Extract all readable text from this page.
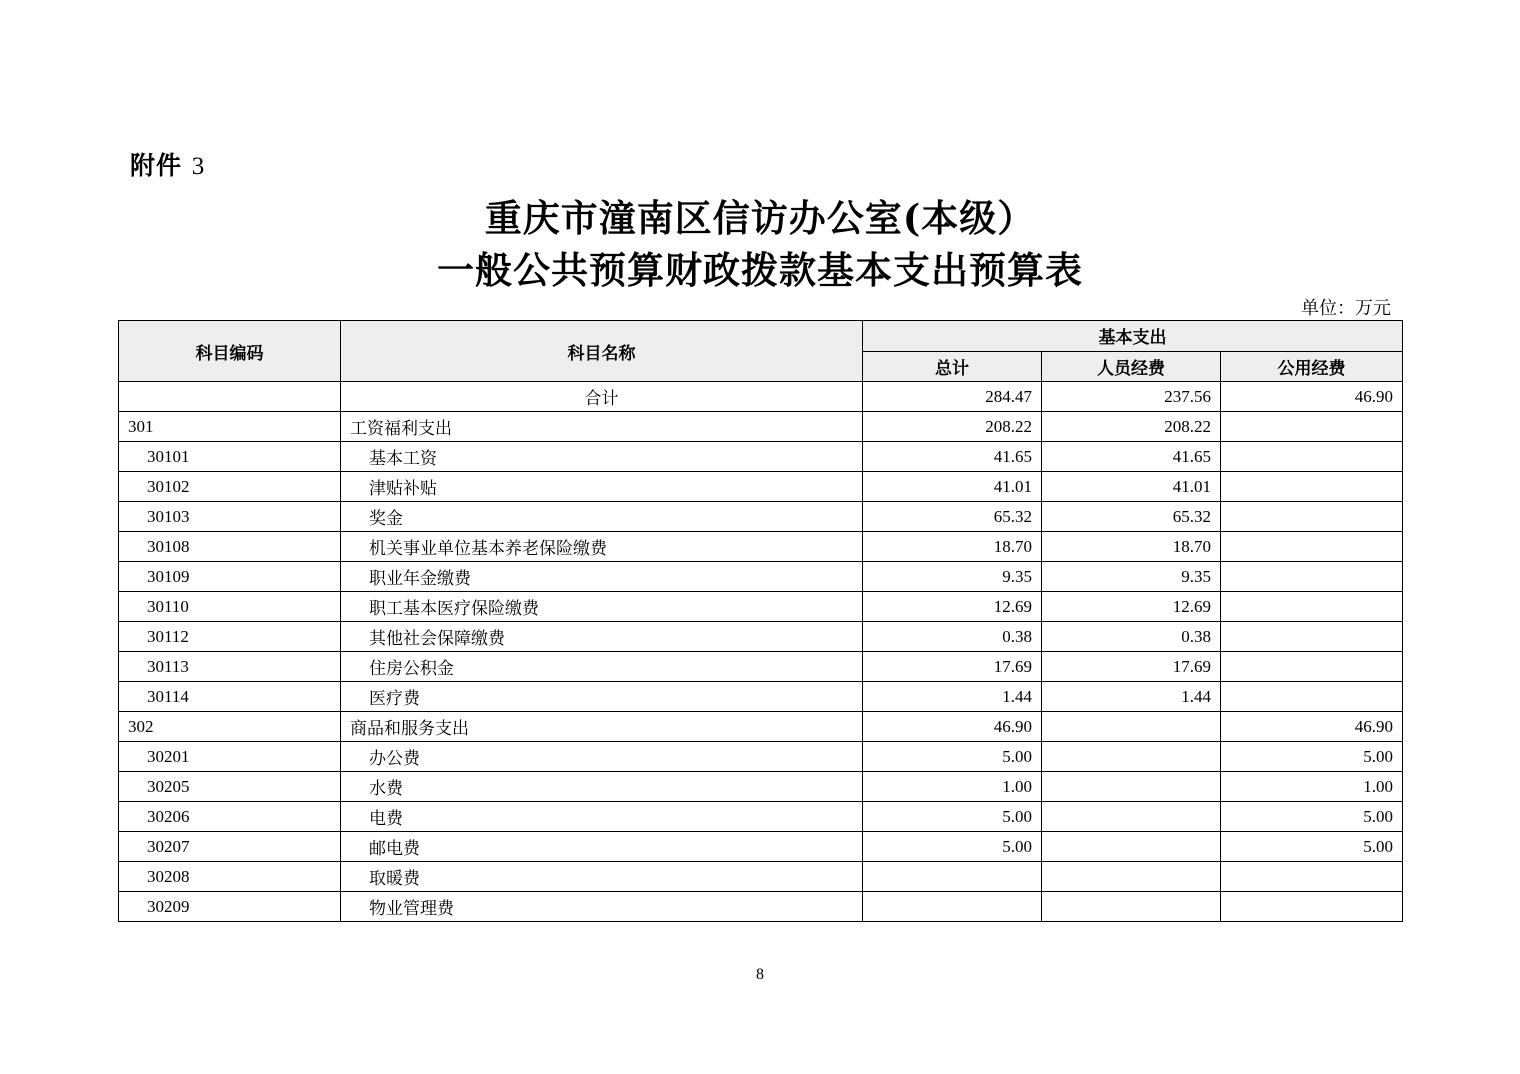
附件 3
重庆市潼南区信访办公室(本级）
一般公共预算财政拨款基本支出预算表
单位：万元
科目编码	科目名称	基本支出		
		总计	人员经费	公用经费
	合计	284.47	237.56	46.90
301	工资福利支出	208.22	208.22	
30101	基本工资	41.65	41.65	
30102	津贴补贴	41.01	41.01	
30103	奖金	65.32	65.32	
30108	机关事业单位基本养老保险缴费	18.70	18.70	
30109	职业年金缴费	9.35	9.35	
30110	职工基本医疗保险缴费	12.69	12.69	
30112	其他社会保障缴费	0.38	0.38	
30113	住房公积金	17.69	17.69	
30114	医疗费	1.44	1.44	
302	商品和服务支出	46.90		46.90
30201	办公费	5.00		5.00
30205	水费	1.00		1.00
30206	电费	5.00		5.00
30207	邮电费	5.00		5.00
30208	取暖费			
30209	物业管理费			
8
